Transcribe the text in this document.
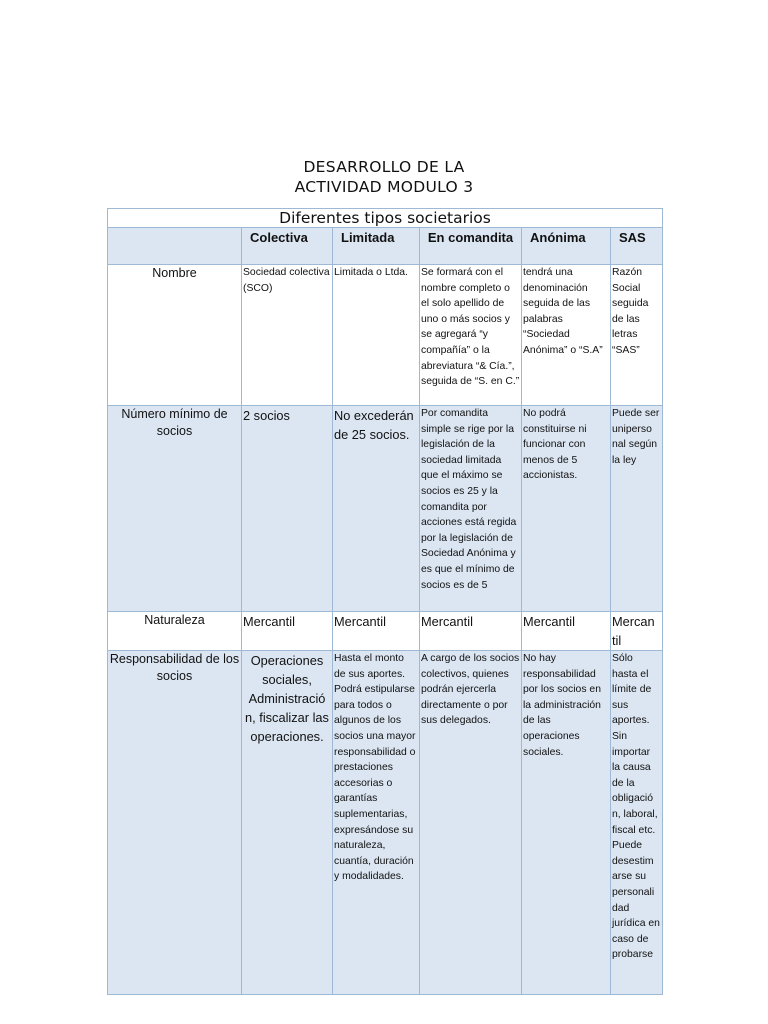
DESARROLLO DE LA
ACTIVIDAD MODULO 3
Diferentes tipos societarios					
	Colectiva	Limitada	En comandita	Anónima	SAS
Nombre	Sociedad colectiva (SCO)	Limitada o Ltda.	Se formará con el nombre completo o el solo apellido de uno o más socios y se agregará “y compañía” o la abreviatura “& Cía.”, seguida de “S. en C.”	tendrá una denominación seguida de las palabras “Sociedad Anónima” o “S.A”	Razón Social seguida de las letras “SAS”
Número mínimo de socios	2 socios	No excederán de 25 socios.	Por comandita simple se rige por la legislación de la sociedad limitada que el máximo se socios es 25 y la comandita por acciones está regida por la legislación de Sociedad Anónima y es que el mínimo de socios es de 5	No podrá constituirse ni funcionar con menos de 5 accionistas.	Puede ser uniperso nal según la ley
Naturaleza	Mercantil	Mercantil	Mercantil	Mercantil	Mercan til
Responsabilidad de los socios	Operaciones sociales, Administració n, fiscalizar las operaciones.	Hasta el monto de sus aportes. Podrá estipularse para todos o algunos de los socios una mayor responsabilidad o prestaciones accesorias o garantías suplementarias, expresándose su naturaleza, cuantía, duración y modalidades.	A cargo de los socios colectivos, quienes podrán ejercerla directamente o por sus delegados.	No hay responsabilidad por los socios en la administración de las operaciones sociales.	Sólo hasta el límite de sus aportes. Sin importar la causa de la obligació n, laboral, fiscal etc. Puede desestim arse su personali dad jurídica en caso de probarse
